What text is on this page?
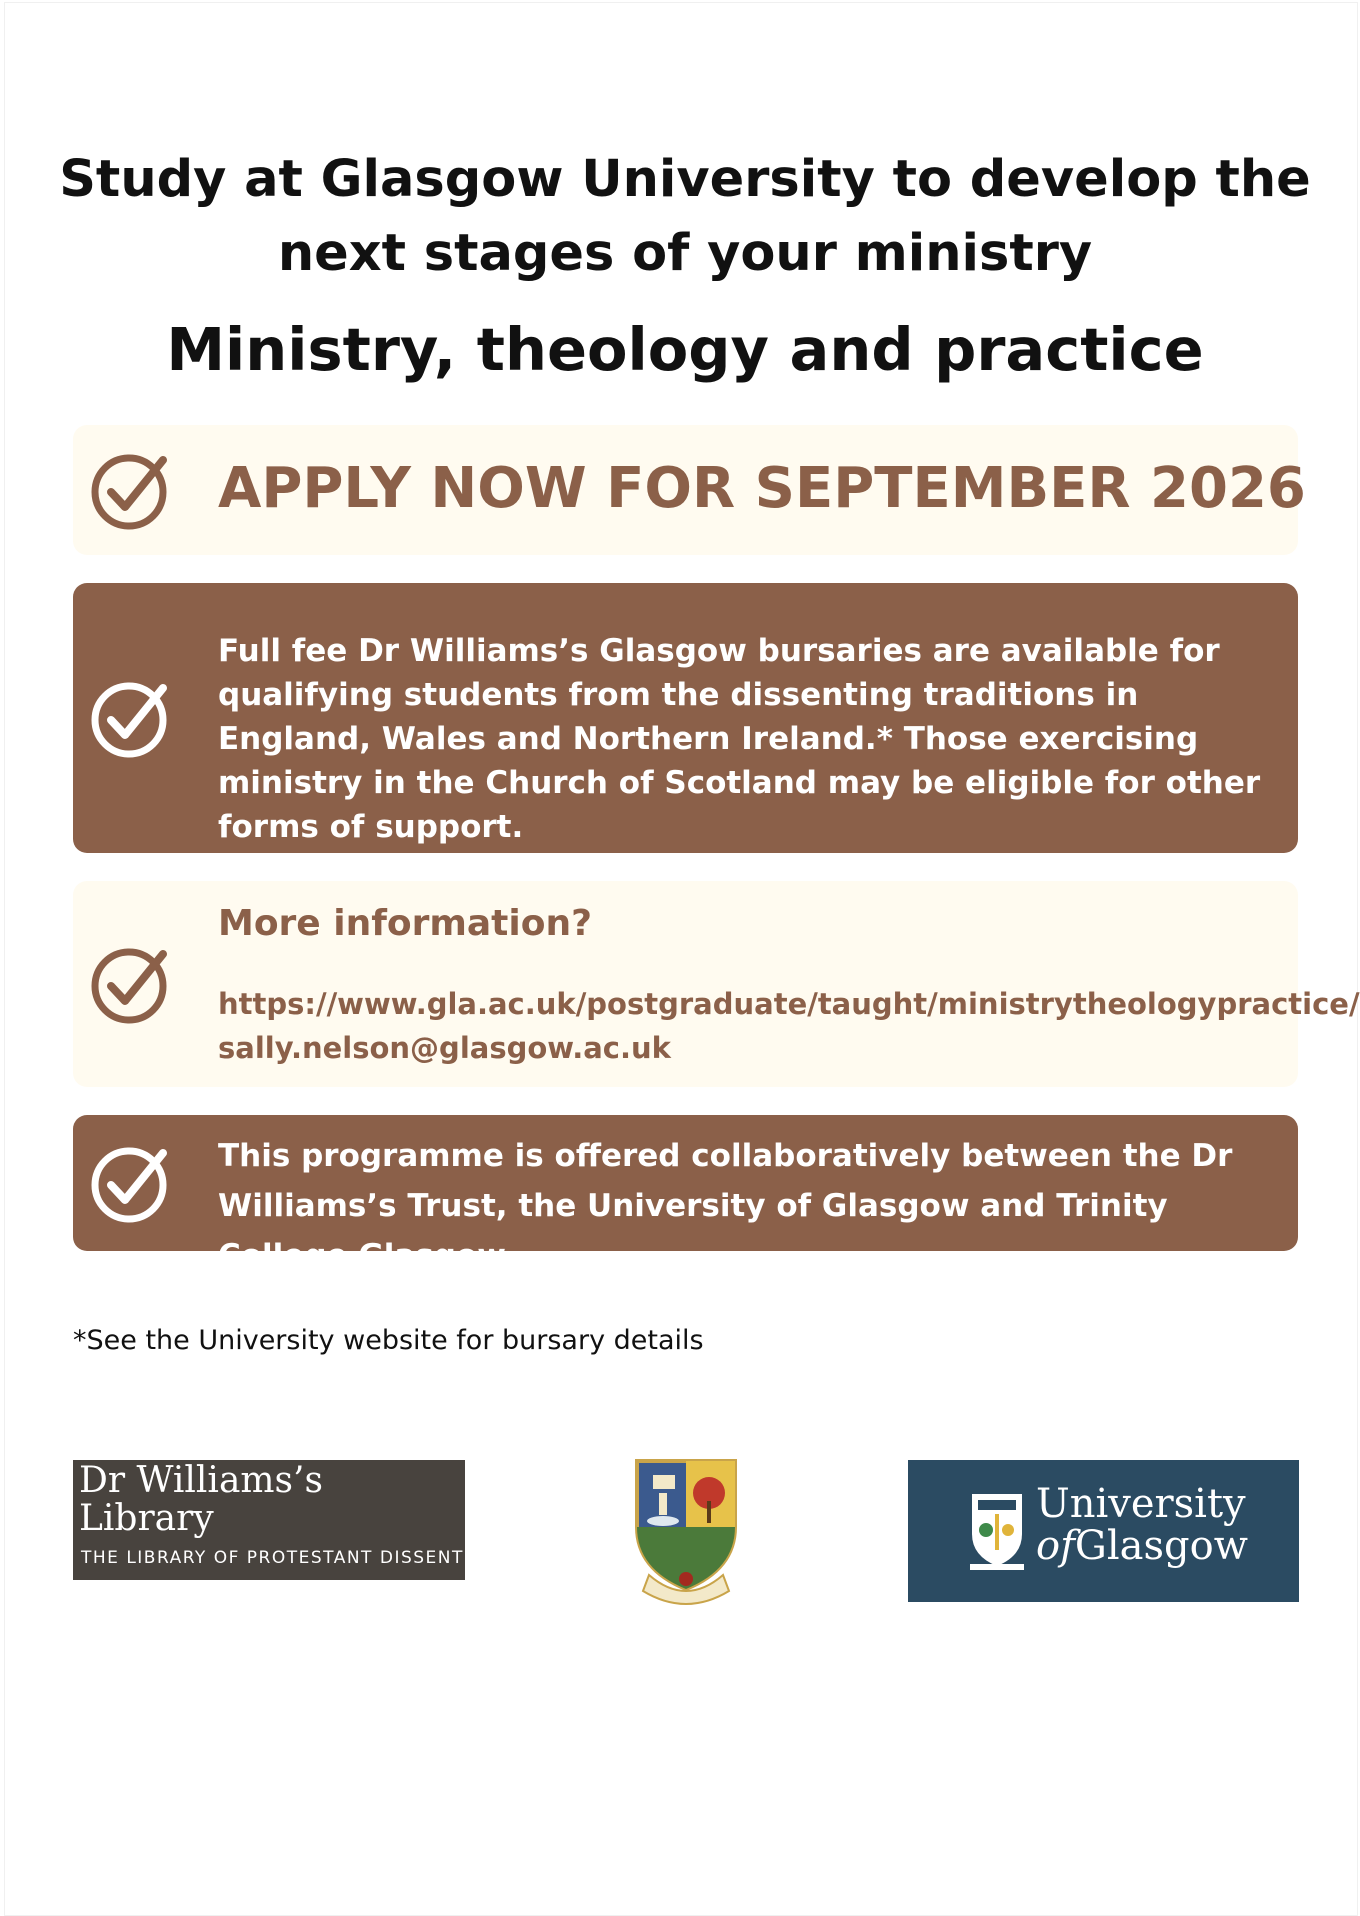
Study at Glasgow University to develop the next stages of your ministry
Ministry, theology and practice
APPLY NOW FOR SEPTEMBER 2026
Full fee Dr Williams’s Glasgow bursaries are available for qualifying students from the dissenting traditions in England, Wales and Northern Ireland.* Those exercising ministry in the Church of Scotland may be eligible for other forms of support.
More information?
https://www.gla.ac.uk/postgraduate/taught/ministrytheologypractice/
sally.nelson@glasgow.ac.uk
This programme is offered collaboratively between the Dr Williams’s Trust, the University of Glasgow and Trinity College Glasgow.
*See the University website for bursary details
Dr Williams’s
Library
THE LIBRARY OF PROTESTANT DISSENT
University
ofGlasgow
